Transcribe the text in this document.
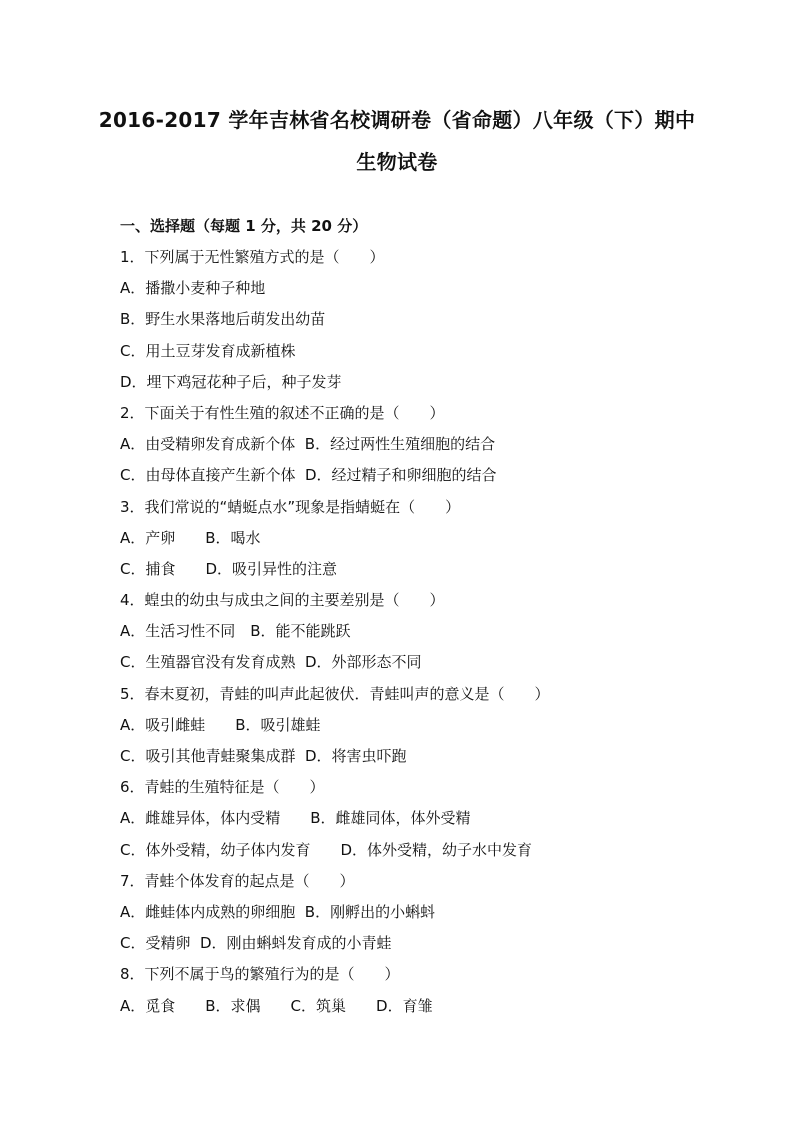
2016-2017 学年吉林省名校调研卷（省命题）八年级（下）期中
生物试卷
一、选择题（每题 1 分，共 20 分）
1．下列属于无性繁殖方式的是（　　）
A．播撒小麦种子种地
B．野生水果落地后萌发出幼苗
C．用土豆芽发育成新植株
D．埋下鸡冠花种子后，种子发芽
2．下面关于有性生殖的叙述不正确的是（　　）
A．由受精卵发育成新个体  B．经过两性生殖细胞的结合
C．由母体直接产生新个体  D．经过精子和卵细胞的结合
3．我们常说的“蜻蜓点水”现象是指蜻蜓在（　　）
A．产卵　　B．喝水
C．捕食　　D．吸引异性的注意
4．蝗虫的幼虫与成虫之间的主要差别是（　　）
A．生活习性不同　B．能不能跳跃
C．生殖器官没有发育成熟  D．外部形态不同
5．春末夏初，青蛙的叫声此起彼伏．青蛙叫声的意义是（　　）
A．吸引雌蛙　　B．吸引雄蛙
C．吸引其他青蛙聚集成群  D．将害虫吓跑
6．青蛙的生殖特征是（　　）
A．雌雄异体，体内受精　　B．雌雄同体，体外受精
C．体外受精，幼子体内发育　　D．体外受精，幼子水中发育
7．青蛙个体发育的起点是（　　）
A．雌蛙体内成熟的卵细胞  B．刚孵出的小蝌蚪
C．受精卵  D．刚由蝌蚪发育成的小青蛙
8．下列不属于鸟的繁殖行为的是（　　）
A．觅食　　B．求偶　　C．筑巢　　D．育雏
